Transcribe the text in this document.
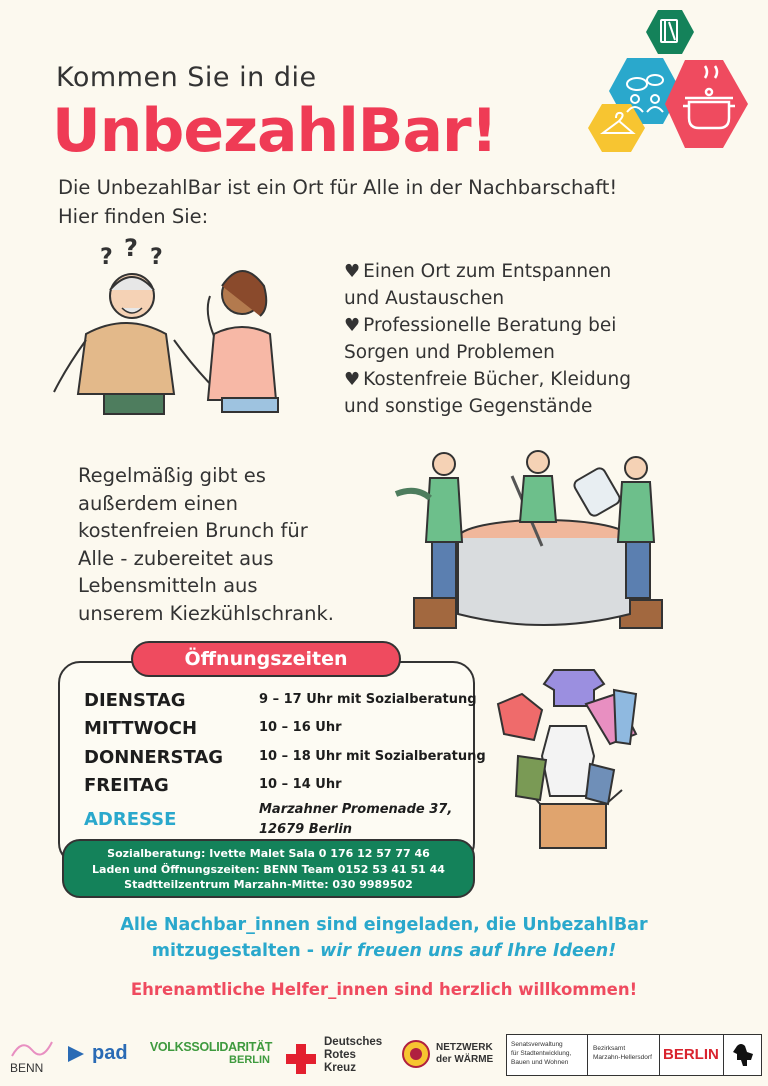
Kommen Sie in die
UnbezahlBar!
Die UnbezahlBar ist ein Ort für Alle in der Nachbarschaft!
Hier finden Sie:
? ? ?
♥ Einen Ort zum Entspannen
und Austauschen
♥ Professionelle Beratung bei
Sorgen und Problemen
♥ Kostenfreie Bücher, Kleidung
und sonstige Gegenstände
Regelmäßig gibt es
außerdem einen
kostenfreien Brunch für
Alle - zubereitet aus
Lebensmitteln aus
unserem Kiezkühlschrank.
Öffnungszeiten
DIENSTAG	9 – 17 Uhr mit Sozialberatung
MITTWOCH	10 – 16 Uhr
DONNERSTAG	10 – 18 Uhr mit Sozialberatung
FREITAG	10 – 14 Uhr
ADRESSE	Marzahner Promenade 37,
12679 Berlin
Sozialberatung: Ivette Malet Sala 0 176 12 57 77 46
Laden und Öffnungszeiten: BENN Team 0152 53 41 51 44
Stadtteilzentrum Marzahn-Mitte: 030 9989502
Alle Nachbar_innen sind eingeladen, die UnbezahlBar
mitzugestalten - wir freuen uns auf Ihre Ideen!
Ehrenamtliche Helfer_innen sind herzlich willkommen!
BENN
pad VOLKSSOLIDARITÄT
BERLIN
Deutsches
Rotes
Kreuz
NETZWERK
der WÄRME
Senatsverwaltung
für Stadtentwicklung,
Bauen und Wohnen
Bezirksamt
Marzahn-Hellersdorf BERLIN
